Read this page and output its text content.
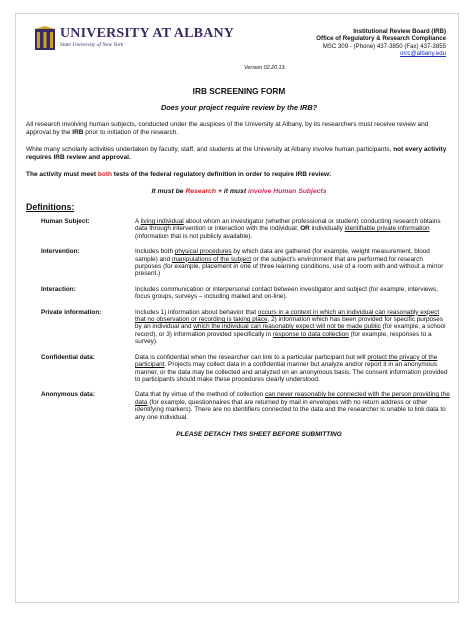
UNIVERSITY AT ALBANY
State University of New York
Institutional Review Board (IRB)
Office of Regulatory & Research Compliance
MSC 309 - (Phone) 437-3850 (Fax) 437-3855
orrc@albany.edu
Version 02.20.13.
IRB SCREENING FORM
Does your project require review by the IRB?

All research involving human subjects, conducted under the auspices of the University at Albany, by its researchers must receive review and approval by the IRB prior to initiation of the research.

While many scholarly activities undertaken by faculty, staff, and students at the University at Albany involve human participants, not every activity requires IRB review and approval.

The activity must meet both tests of the federal regulatory definition in order to require IRB review:

It must be Research + it must involve Human Subjects
Definitions:
Human Subject:	A living individual about whom an investigator (whether professional or student) conducting research obtains data through intervention or interaction with the individual; OR individually identifiable private information (information that is not publicly available).
Intervention:	Includes both physical procedures by which data are gathered (for example, weight measurement, blood sample) and manipulations of the subject or the subject's environment that are performed for research purposes (for example, placement in one of three learning conditions, use of a room with and without a mirror present.)
Interaction:	Includes communication or interpersonal contact between investigator and subject (for example, interviews, focus groups, surveys – including mailed and on-line).
Private information:	Includes 1) information about behavior that occurs in a context in which an individual can reasonably expect that no observation or recording is taking place, 2) information which has been provided for specific purposes by an individual and which the individual can reasonably expect will not be made public (for example, a school record), or 3) information provided specifically in response to data collection (for example, responses to a survey).
Confidential data:	Data is confidential when the researcher can link to a particular participant but will protect the privacy of the participant. Projects may collect data in a confidential manner but analyze and/or report it in an anonymous manner, or the data may be collected and analyzed on an anonymous basis. The consent information provided to participants should make these procedures clearly understood.
Anonymous data:	Data that by virtue of the method of collection can never reasonably be connected with the person providing the data (for example, questionnaires that are returned by mail in envelopes with no return address or other identifying markers). There are no identifiers connected to the data and the researcher is unable to link data to any one individual.
PLEASE DETACH THIS SHEET BEFORE SUBMITTING
